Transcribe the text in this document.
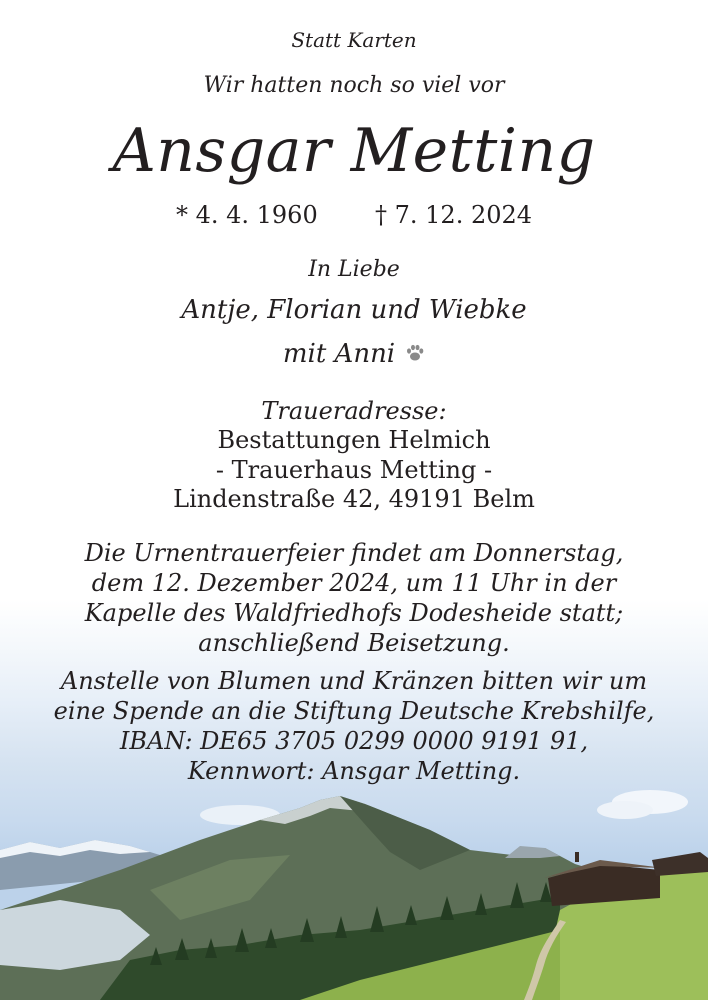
Statt Karten
Wir hatten noch so viel vor
Ansgar Metting
* 4. 4. 1960 † 7. 12. 2024
In Liebe
Antje, Florian und Wiebke
mit Anni
Traueradresse:
Bestattungen Helmich
- Trauerhaus Metting -
Lindenstraße 42, 49191 Belm
Die Urnentrauerfeier findet am Donnerstag,
dem 12. Dezember 2024, um 11 Uhr in der
Kapelle des Waldfriedhofs Dodesheide statt;
anschließend Beisetzung.
Anstelle von Blumen und Kränzen bitten wir um
eine Spende an die Stiftung Deutsche Krebshilfe,
IBAN: DE65 3705 0299 0000 9191 91,
Kennwort: Ansgar Metting.
